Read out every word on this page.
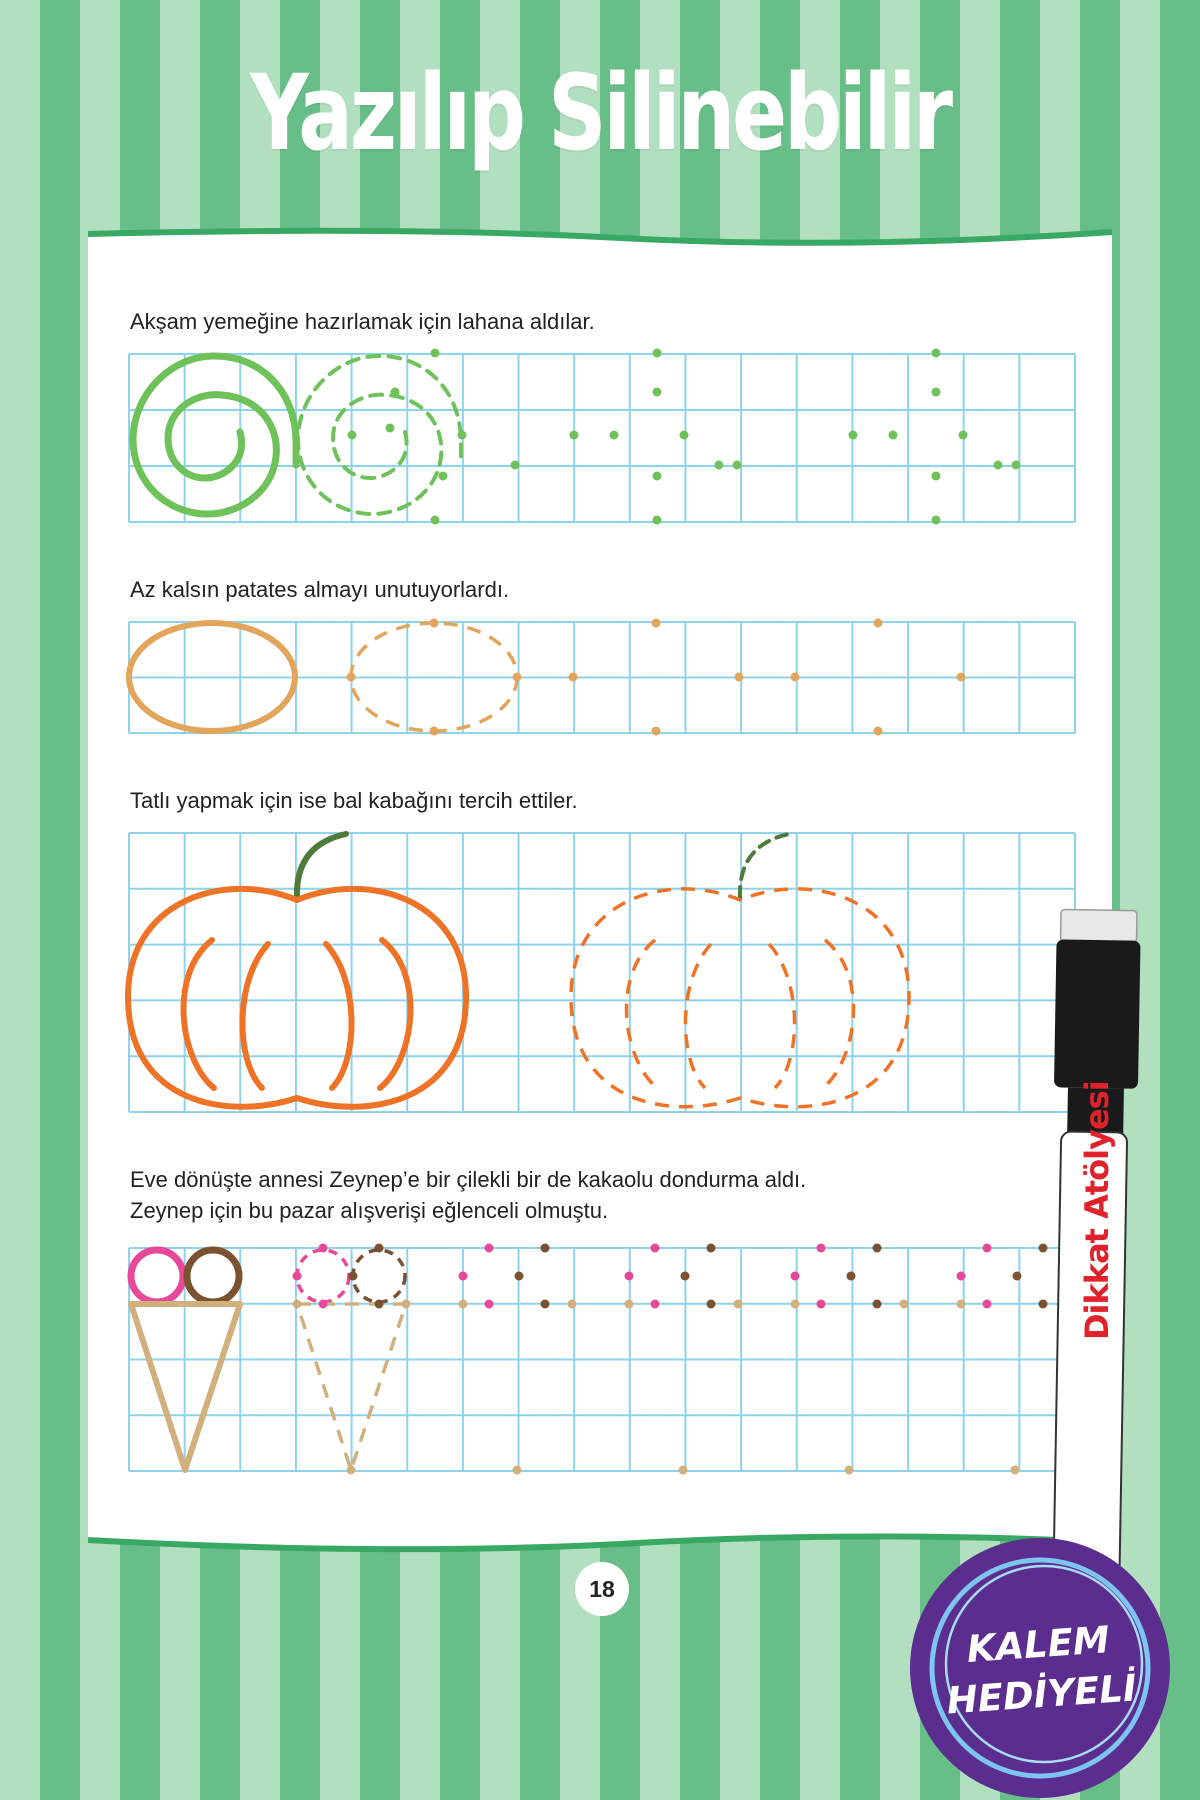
Yazılıp Silinebilir

Akşam yemeğine hazırlamak için lahana aldılar.

Az kalsın patates almayı unutuyorlardı.

Tatlı yapmak için ise bal kabağını tercih ettiler.

Eve dönüşte annesi Zeynep’e bir çilekli bir de kakaolu dondurma aldı.

Zeynep için bu pazar alışverişi eğlenceli olmuştu.

18
Dikkat Atölyesi
KALEM
HEDİYELİ
